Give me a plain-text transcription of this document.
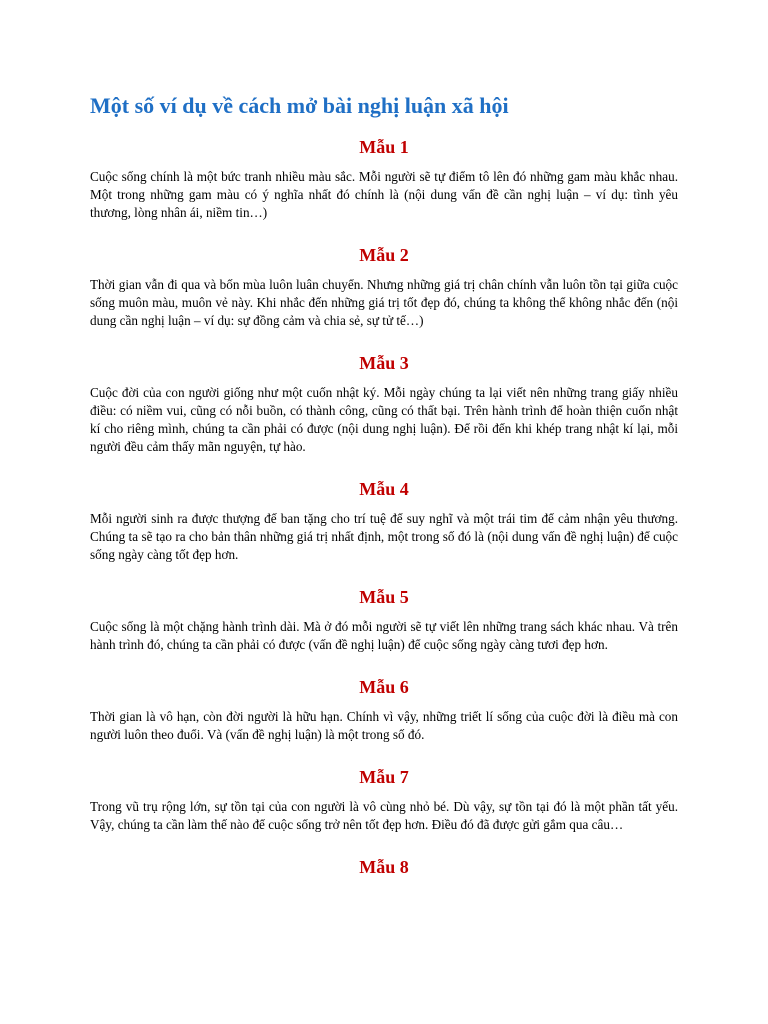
Một số ví dụ về cách mở bài nghị luận xã hội
Mẫu 1

Cuộc sống chính là một bức tranh nhiều màu sắc. Mỗi người sẽ tự điểm tô lên đó những gam màu khắc nhau. Một trong những gam màu có ý nghĩa nhất đó chính là (nội dung vấn đề cần nghị luận – ví dụ: tình yêu thương, lòng nhân ái, niềm tin…)

Mẫu 2

Thời gian vẫn đi qua và bốn mùa luôn luân chuyển. Nhưng những giá trị chân chính vẫn luôn tồn tại giữa cuộc sống muôn màu, muôn vẻ này. Khi nhắc đến những giá trị tốt đẹp đó, chúng ta không thể không nhắc đến (nội dung cần nghị luận – ví dụ: sự đồng cảm và chia sẻ, sự tử tế…)

Mẫu 3

Cuộc đời của con người giống như một cuốn nhật ký. Mỗi ngày chúng ta lại viết nên những trang giấy nhiều điều: có niềm vui, cũng có nỗi buồn, có thành công, cũng có thất bại. Trên hành trình để hoàn thiện cuốn nhật kí cho riêng mình, chúng ta cần phải có được (nội dung nghị luận). Để rồi đến khi khép trang nhật kí lại, mỗi người đều cảm thấy mãn nguyện, tự hào.

Mẫu 4

Mỗi người sinh ra được thượng đế ban tặng cho trí tuệ để suy nghĩ và một trái tim để cảm nhận yêu thương. Chúng ta sẽ tạo ra cho bản thân những giá trị nhất định, một trong số đó là (nội dung vấn đề nghị luận) để cuộc sống ngày càng tốt đẹp hơn.

Mẫu 5

Cuộc sống là một chặng hành trình dài. Mà ở đó mỗi người sẽ tự viết lên những trang sách khác nhau. Và trên hành trình đó, chúng ta cần phải có được (vấn đề nghị luận) để cuộc sống ngày càng tươi đẹp hơn.

Mẫu 6

Thời gian là vô hạn, còn đời người là hữu hạn. Chính vì vậy, những triết lí sống của cuộc đời là điều mà con người luôn theo đuổi. Và (vấn đề nghị luận) là một trong số đó.

Mẫu 7

Trong vũ trụ rộng lớn, sự tồn tại của con người là vô cùng nhỏ bé. Dù vậy, sự tồn tại đó là một phần tất yếu. Vậy, chúng ta cần làm thế nào để cuộc sống trở nên tốt đẹp hơn. Điều đó đã được gửi gắm qua câu…

Mẫu 8
